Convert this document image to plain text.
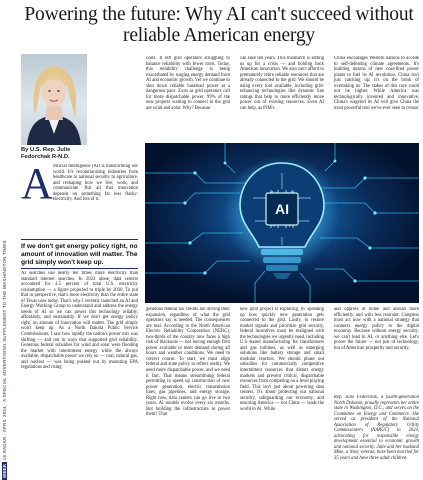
WEEK 16 RADAR · APRIL 2024 · A SPECIAL ADVERTISING SUPPLEMENT TO THE WASHINGTON TIMES
Powering the future: Why AI can't succeed without reliable American energy

By U.S. Rep. Julie Fedorchak R-N.D.

A rtificial Intelligence (AI) is transforming our world. It's revolutionizing industries from healthcare to national security to agriculture, and reshaping how we live, work, and communicate. But all that innovation depends on something far less flashy: electricity. And lots of it.

If we don't get energy policy right, no amount of innovation will matter. The grid simply won't keep up.

AI searches use nearly ten times more electricity than standard internet searches. In 2024 alone, data centers accounted for 4.5 percent of total U.S. electricity consumption — a figure projected to triple by 2030. To put that in perspective, that's more electricity than the entire state of Texas uses today. That's why I recently launched an AI and Energy Working Group to understand and address the energy needs of AI so we can power this technology reliably, affordably, and sustainably. If we don't get energy policy right, no amount of innovation will matter. The grid simply won't keep up. As a North Dakota Public Service Commissioner, I saw how rapidly the nation's power mix was shifting — and not in ways that supported grid reliability. Generous federal subsidies for wind and solar were flooding the market with intermittent energy while the always available, dispatchable power we rely on — coal, natural gas, and nuclear — was being pushed out by mounting EPA regulations and rising

costs. It left grid operators struggling to balance reliability with fewer tools. Today, this reliability challenge is being exacerbated by surging energy demand from AI and economic growth. Yet we continue to shut down reliable baseload power at a dangerous pace. Even as grid operators call for more dispatchable power, 99% of the new projects waiting to connect to the grid are wind and solar. Why? Because

can take ten years. This mismatch is setting us up for a crisis — and holding back American innovation. We also can't afford to prematurely retire reliable resources that are already connected to the grid. We should be using every tool available, including grid-enhancing technologies like dynamic line ratings that help to more efficiently move power out of existing resources. Even AI can help, as PJM's

China encourages Western nations to accede to self-defeating climate agreements. It's building dozens of new coal-fired power plants to fuel its AI revolution. China isn't just catching up; it's on the brink of overtaking us. The stakes of this race could not be higher. While America was technologically invented and innovative, China's wagered its AI will give China the most powerful tool we've ever seen to censor

AI

generous federal tax credits are driving their expansion, regardless of what the grid operators say is needed. The consequences are real. According to the North American Electric Reliability Corporation (NERC), two-thirds of the country now faces a high risk of blackouts — not having enough firm power available to meet demand during all hours and weather conditions. We need to correct course. To start, we must align federal and state policy to reflect reality. We need more dispatchable power, and we need it fast. That means streamlining federal permitting to speed up construction of new power generation, electric transmission lines, gas pipelines, and energy storage. Right now, data centers can go live in two years. AI models evolve every six months. But building the infrastructure to power them? That

new pilot project is exploring, by speeding up how quickly new generation gets connected to the grid. Lastly, to restore market signals and prioritize grid security, federal incentives must be realigned with the technologies we urgently need, including U.S.-based manufacturing for transformers and gas turbines, as well as emerging solutions like battery storage and small modular reactors. We should phase out subsidies for commercially competitive intermittent resources that distort energy markets and prevent critical, dispatchable resources from competing on a level playing field. This isn't just about powering data centers. It's about protecting our national security, safeguarding our economy, and ensuring America — not China — leads the world in AI. While

and oppress at home and abroad more efficiently, and with less restraint. Congress must act now with a national strategy that connects energy policy to the digital economy. Because without energy security, we can't lead in AI, or anything else. Let's power the future — not just of technology, but of American prosperity and security.

Rep. Julie Fedorchak, a fourth-generation North Dakotan, proudly represents her entire state in Washington, D.C., and serves on the Committee on Energy and Commerce. She served as president of the National Association of Regulatory Utility Commissioners (NARUC) in 2024, advocating for responsible energy development essential to economic growth and national security. Julie and her husband Mike, a Navy veteran, have been married for 35 years and have three adult children.
